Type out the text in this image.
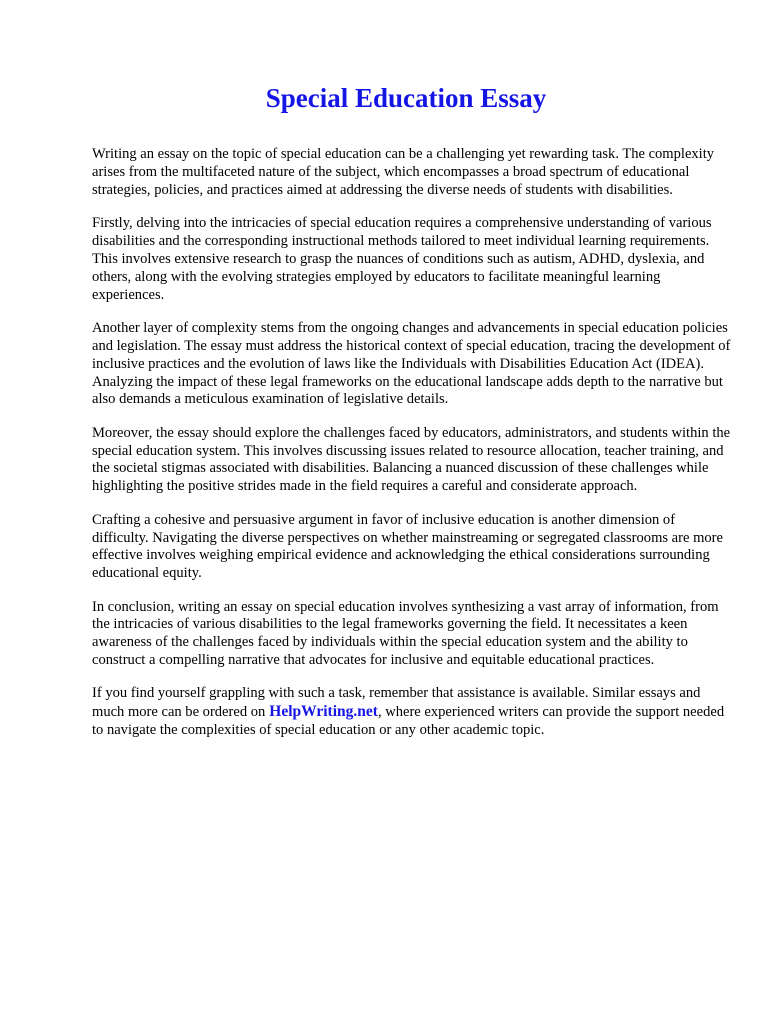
Special Education Essay

Writing an essay on the topic of special education can be a challenging yet rewarding task. The complexity arises from the multifaceted nature of the subject, which encompasses a broad spectrum of educational strategies, policies, and practices aimed at addressing the diverse needs of students with disabilities.

Firstly, delving into the intricacies of special education requires a comprehensive understanding of various disabilities and the corresponding instructional methods tailored to meet individual learning requirements. This involves extensive research to grasp the nuances of conditions such as autism, ADHD, dyslexia, and others, along with the evolving strategies employed by educators to facilitate meaningful learning experiences.

Another layer of complexity stems from the ongoing changes and advancements in special education policies and legislation. The essay must address the historical context of special education, tracing the development of inclusive practices and the evolution of laws like the Individuals with Disabilities Education Act (IDEA). Analyzing the impact of these legal frameworks on the educational landscape adds depth to the narrative but also demands a meticulous examination of legislative details.

Moreover, the essay should explore the challenges faced by educators, administrators, and students within the special education system. This involves discussing issues related to resource allocation, teacher training, and the societal stigmas associated with disabilities. Balancing a nuanced discussion of these challenges while highlighting the positive strides made in the field requires a careful and considerate approach.

Crafting a cohesive and persuasive argument in favor of inclusive education is another dimension of difficulty. Navigating the diverse perspectives on whether mainstreaming or segregated classrooms are more effective involves weighing empirical evidence and acknowledging the ethical considerations surrounding educational equity.

In conclusion, writing an essay on special education involves synthesizing a vast array of information, from the intricacies of various disabilities to the legal frameworks governing the field. It necessitates a keen awareness of the challenges faced by individuals within the special education system and the ability to construct a compelling narrative that advocates for inclusive and equitable educational practices.

If you find yourself grappling with such a task, remember that assistance is available. Similar essays and much more can be ordered on HelpWriting.net, where experienced writers can provide the support needed to navigate the complexities of special education or any other academic topic.
